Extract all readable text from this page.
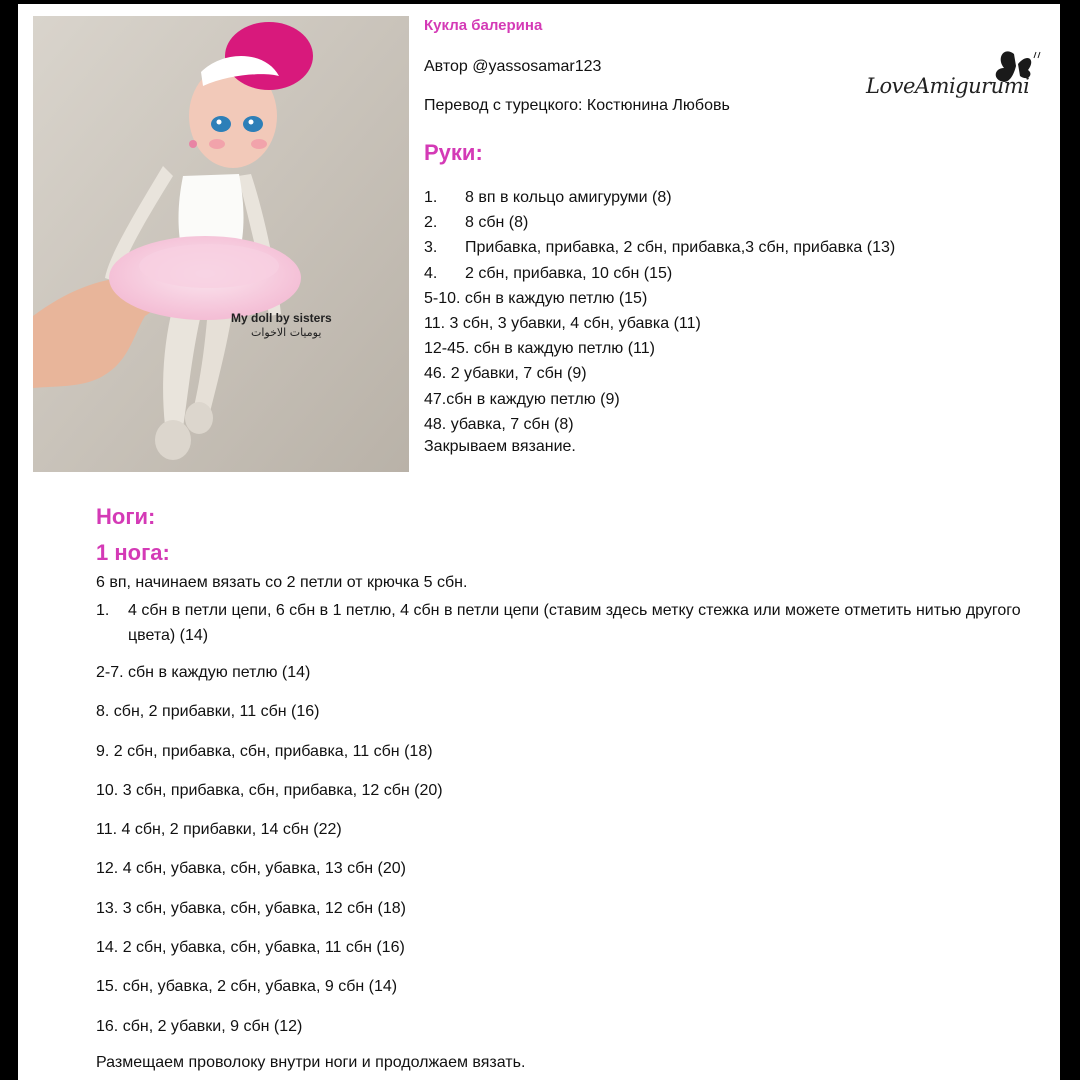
My doll by sisters
يوميات الاخوات
Кукла балерина
Автор @yassosamar123
Перевод с турецкого: Костюнина Любовь
LoveAmigurumi
Руки:
1. 8 вп в кольцо амигуруми (8)
2. 8 сбн (8)
3. Прибавка, прибавка, 2 сбн, прибавка,3 сбн, прибавка (13)
4. 2 сбн, прибавка, 10 сбн (15)
5-10. сбн в каждую петлю (15)
11. 3 сбн, 3 убавки, 4 сбн, убавка (11)
12-45. сбн в каждую петлю (11)
46. 2 убавки, 7 сбн (9)
47.сбн в каждую петлю (9)
48. убавка, 7 сбн (8)
Закрываем вязание.
Ноги:
1 нога:
6 вп, начинаем вязать со 2 петли от крючка 5 сбн.
1.	4 сбн в петли цепи, 6 сбн в 1 петлю, 4 сбн в петли цепи (ставим здесь метку стежка или можете отметить нитью другого цвета) (14)
2-7. сбн в каждую петлю (14)
8. сбн, 2 прибавки, 11 сбн (16)
9. 2 сбн, прибавка, сбн, прибавка, 11 сбн (18)
10. 3 сбн, прибавка, сбн, прибавка, 12 сбн (20)
11. 4 сбн, 2 прибавки, 14 сбн (22)
12. 4 сбн, убавка, сбн, убавка, 13 сбн (20)
13. 3 сбн, убавка, сбн, убавка, 12 сбн (18)
14. 2 сбн, убавка, сбн, убавка, 11 сбн (16)
15. сбн, убавка, 2 сбн, убавка, 9 сбн (14)
16. сбн, 2 убавки, 9 сбн (12)
Размещаем проволоку внутри ноги и продолжаем вязать.
